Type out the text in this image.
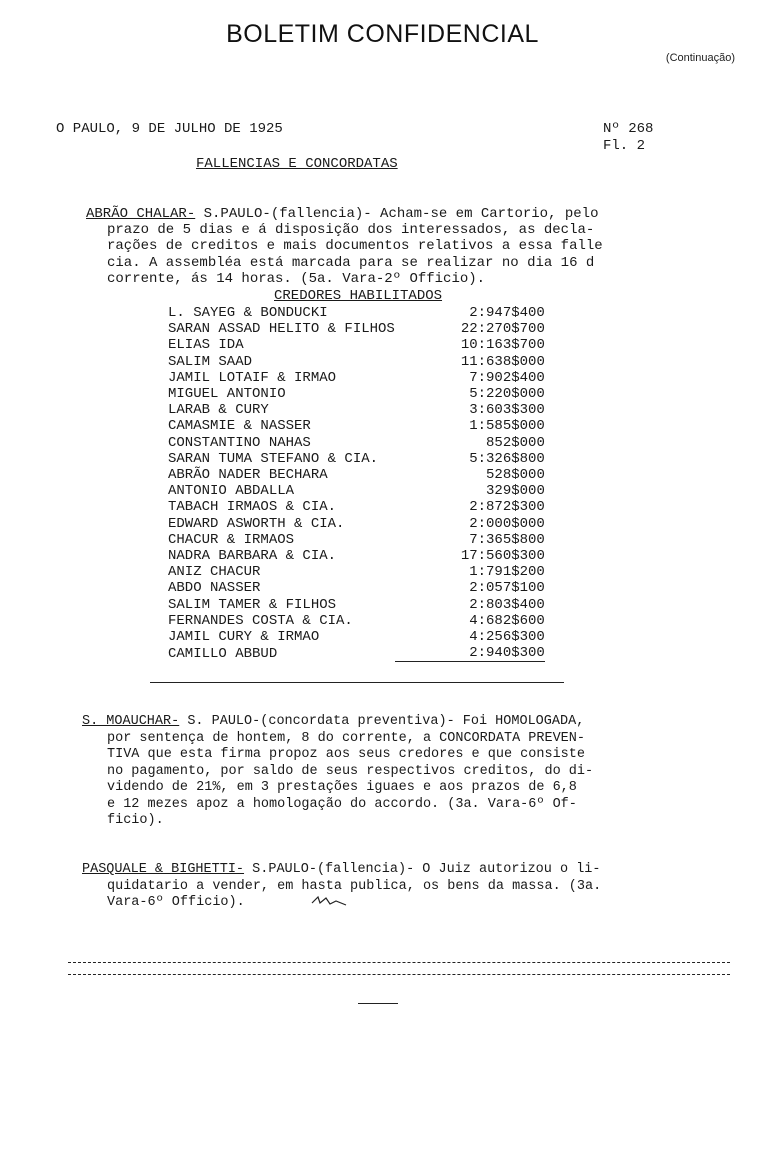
BOLETIM CONFIDENCIAL
(Continuação)
O PAULO, 9 DE JULHO DE 1925	Nº 268
Fl. 2
FALLENCIAS E CONCORDATAS
ABRÃO CHALAR- S.PAULO-(fallencia)- Acham-se em Cartorio, pelo
prazo de 5 dias e á disposição dos interessados, as decla-
rações de creditos e mais documentos relativos a essa falle
cia. A assembléa está marcada para se realizar no dia 16 d
corrente, ás 14 horas. (5a. Vara-2º Officio).
CREDORES HABILITADOS
L. SAYEG & BONDUCKI	2:947$400
SARAN ASSAD HELITO & FILHOS	22:270$700
ELIAS IDA	10:163$700
SALIM SAAD	11:638$000
JAMIL LOTAIF & IRMAO	7:902$400
MIGUEL ANTONIO	5:220$000
LARAB & CURY	3:603$300
CAMASMIE & NASSER	1:585$000
CONSTANTINO NAHAS	852$000
SARAN TUMA STEFANO & CIA.	5:326$800
ABRÃO NADER BECHARA	528$000
ANTONIO ABDALLA	329$000
TABACH IRMAOS & CIA.	2:872$300
EDWARD ASWORTH & CIA.	2:000$000
CHACUR & IRMAOS	7:365$800
NADRA BARBARA & CIA.	17:560$300
ANIZ CHACUR	1:791$200
ABDO NASSER	2:057$100
SALIM TAMER & FILHOS	2:803$400
FERNANDES COSTA & CIA.	4:682$600
JAMIL CURY & IRMAO	4:256$300
CAMILLO ABBUD	2:940$300
S. MOAUCHAR- S. PAULO-(concordata preventiva)- Foi HOMOLOGADA,
por sentença de hontem, 8 do corrente, a CONCORDATA PREVEN-
TIVA que esta firma propoz aos seus credores e que consiste
no pagamento, por saldo de seus respectivos creditos, do di-
videndo de 21%, em 3 prestações iguaes e aos prazos de 6,8
e 12 mezes apoz a homologação do accordo. (3a. Vara-6º Of-
ficio).
PASQUALE & BIGHETTI- S.PAULO-(fallencia)- O Juiz autorizou o li-
quidatario a vender, em hasta publica, os bens da massa. (3a.
Vara-6º Officio).
